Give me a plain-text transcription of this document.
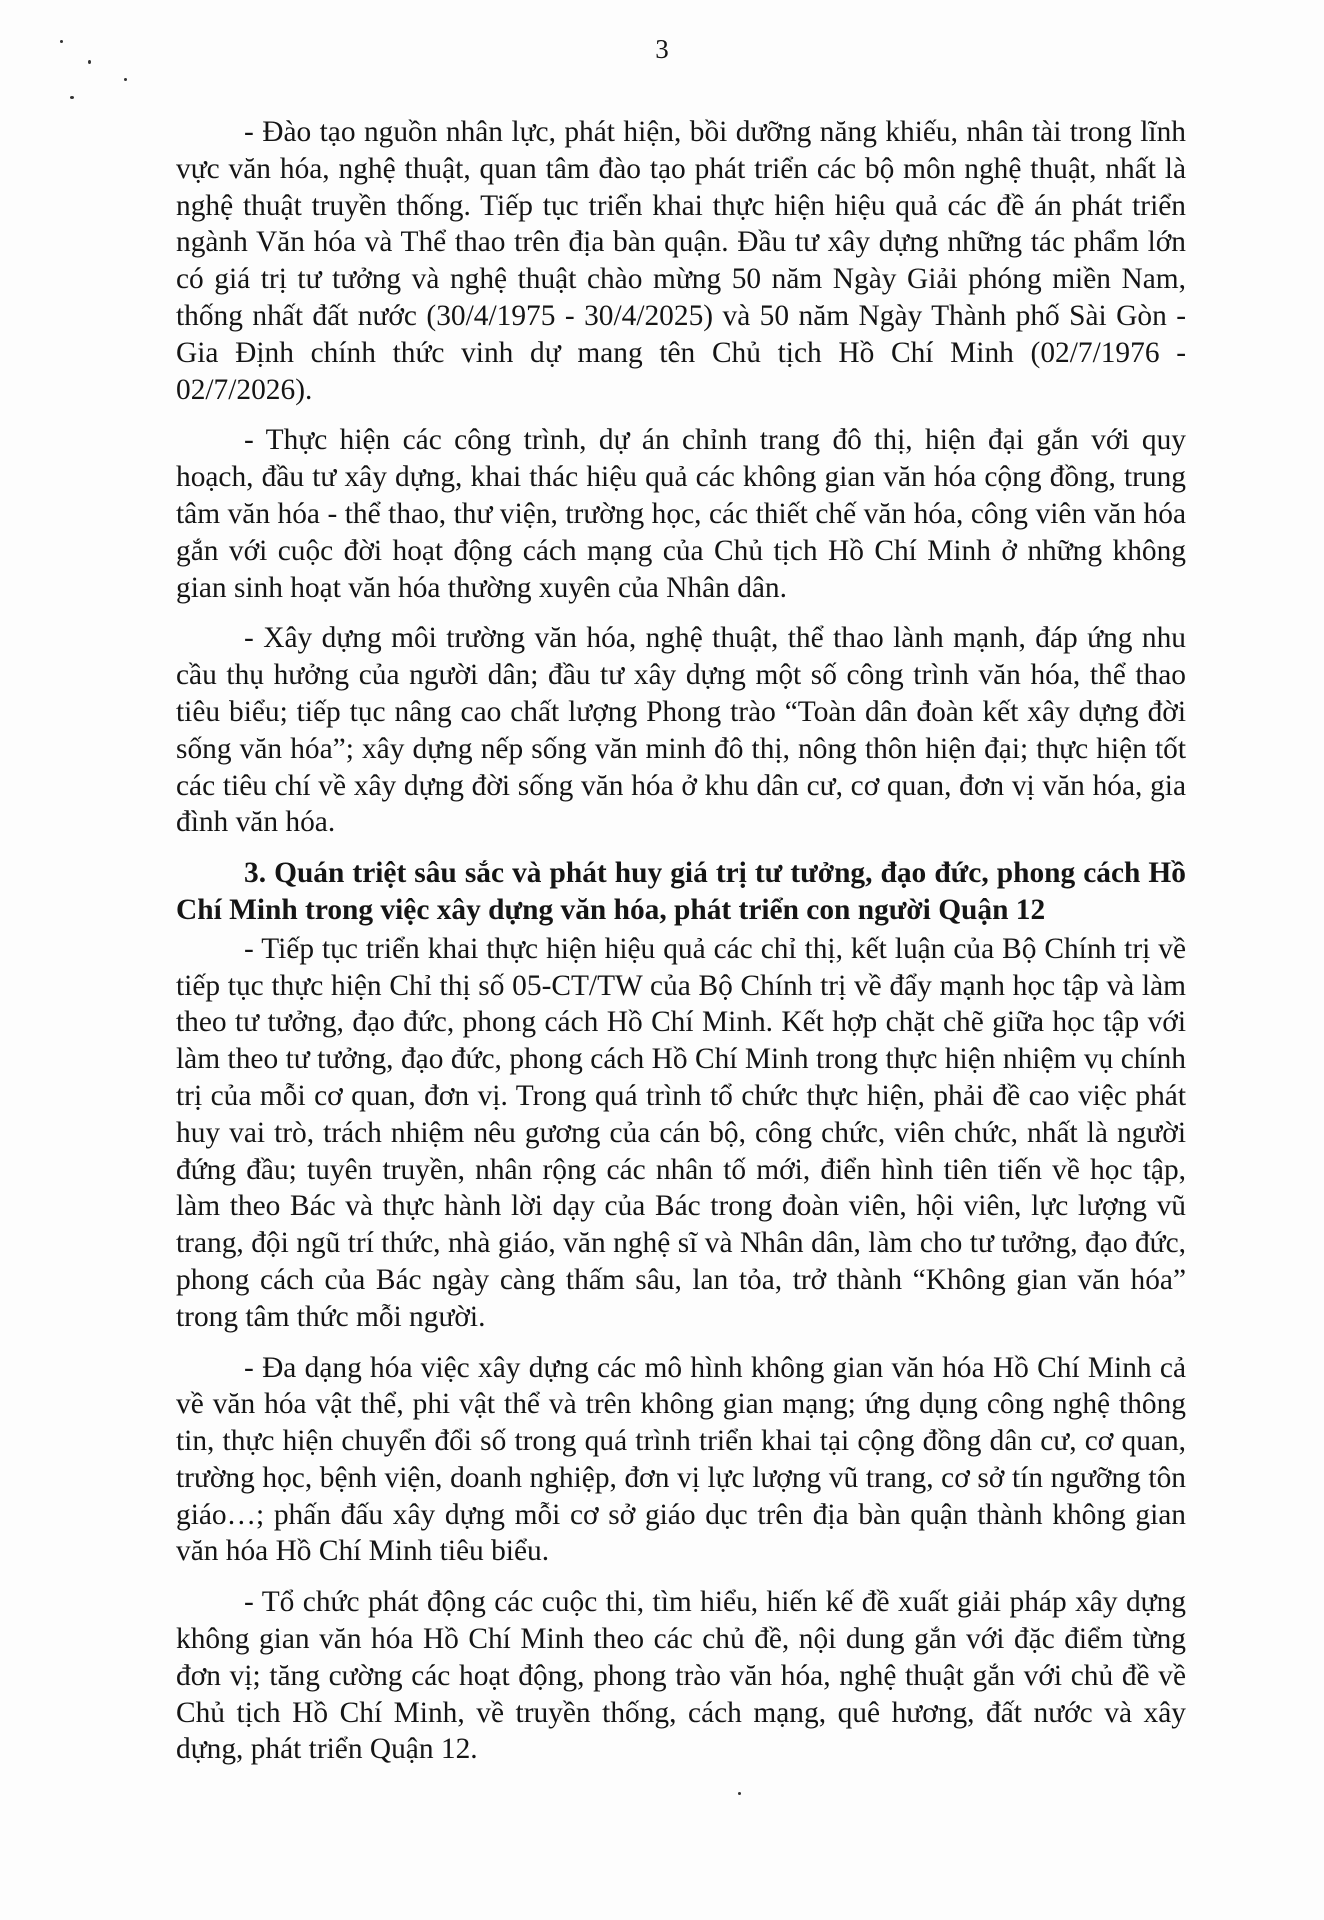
3

- Đào tạo nguồn nhân lực, phát hiện, bồi dưỡng năng khiếu, nhân tài trong lĩnh vực văn hóa, nghệ thuật, quan tâm đào tạo phát triển các bộ môn nghệ thuật, nhất là nghệ thuật truyền thống. Tiếp tục triển khai thực hiện hiệu quả các đề án phát triển ngành Văn hóa và Thể thao trên địa bàn quận. Đầu tư xây dựng những tác phẩm lớn có giá trị tư tưởng và nghệ thuật chào mừng 50 năm Ngày Giải phóng miền Nam, thống nhất đất nước (30/4/1975 - 30/4/2025) và 50 năm Ngày Thành phố Sài Gòn - Gia Định chính thức vinh dự mang tên Chủ tịch Hồ Chí Minh (02/7/1976 - 02/7/2026).

- Thực hiện các công trình, dự án chỉnh trang đô thị, hiện đại gắn với quy hoạch, đầu tư xây dựng, khai thác hiệu quả các không gian văn hóa cộng đồng, trung tâm văn hóa - thể thao, thư viện, trường học, các thiết chế văn hóa, công viên văn hóa gắn với cuộc đời hoạt động cách mạng của Chủ tịch Hồ Chí Minh ở những không gian sinh hoạt văn hóa thường xuyên của Nhân dân.

- Xây dựng môi trường văn hóa, nghệ thuật, thể thao lành mạnh, đáp ứng nhu cầu thụ hưởng của người dân; đầu tư xây dựng một số công trình văn hóa, thể thao tiêu biểu; tiếp tục nâng cao chất lượng Phong trào “Toàn dân đoàn kết xây dựng đời sống văn hóa”; xây dựng nếp sống văn minh đô thị, nông thôn hiện đại; thực hiện tốt các tiêu chí về xây dựng đời sống văn hóa ở khu dân cư, cơ quan, đơn vị văn hóa, gia đình văn hóa.

3. Quán triệt sâu sắc và phát huy giá trị tư tưởng, đạo đức, phong cách Hồ Chí Minh trong việc xây dựng văn hóa, phát triển con người Quận 12

- Tiếp tục triển khai thực hiện hiệu quả các chỉ thị, kết luận của Bộ Chính trị về tiếp tục thực hiện Chỉ thị số 05-CT/TW của Bộ Chính trị về đẩy mạnh học tập và làm theo tư tưởng, đạo đức, phong cách Hồ Chí Minh. Kết hợp chặt chẽ giữa học tập với làm theo tư tưởng, đạo đức, phong cách Hồ Chí Minh trong thực hiện nhiệm vụ chính trị của mỗi cơ quan, đơn vị. Trong quá trình tổ chức thực hiện, phải đề cao việc phát huy vai trò, trách nhiệm nêu gương của cán bộ, công chức, viên chức, nhất là người đứng đầu; tuyên truyền, nhân rộng các nhân tố mới, điển hình tiên tiến về học tập, làm theo Bác và thực hành lời dạy của Bác trong đoàn viên, hội viên, lực lượng vũ trang, đội ngũ trí thức, nhà giáo, văn nghệ sĩ và Nhân dân, làm cho tư tưởng, đạo đức, phong cách của Bác ngày càng thấm sâu, lan tỏa, trở thành “Không gian văn hóa” trong tâm thức mỗi người.

- Đa dạng hóa việc xây dựng các mô hình không gian văn hóa Hồ Chí Minh cả về văn hóa vật thể, phi vật thể và trên không gian mạng; ứng dụng công nghệ thông tin, thực hiện chuyển đổi số trong quá trình triển khai tại cộng đồng dân cư, cơ quan, trường học, bệnh viện, doanh nghiệp, đơn vị lực lượng vũ trang, cơ sở tín ngưỡng tôn giáo…; phấn đấu xây dựng mỗi cơ sở giáo dục trên địa bàn quận thành không gian văn hóa Hồ Chí Minh tiêu biểu.

- Tổ chức phát động các cuộc thi, tìm hiểu, hiến kế đề xuất giải pháp xây dựng không gian văn hóa Hồ Chí Minh theo các chủ đề, nội dung gắn với đặc điểm từng đơn vị; tăng cường các hoạt động, phong trào văn hóa, nghệ thuật gắn với chủ đề về Chủ tịch Hồ Chí Minh, về truyền thống, cách mạng, quê hương, đất nước và xây dựng, phát triển Quận 12.
